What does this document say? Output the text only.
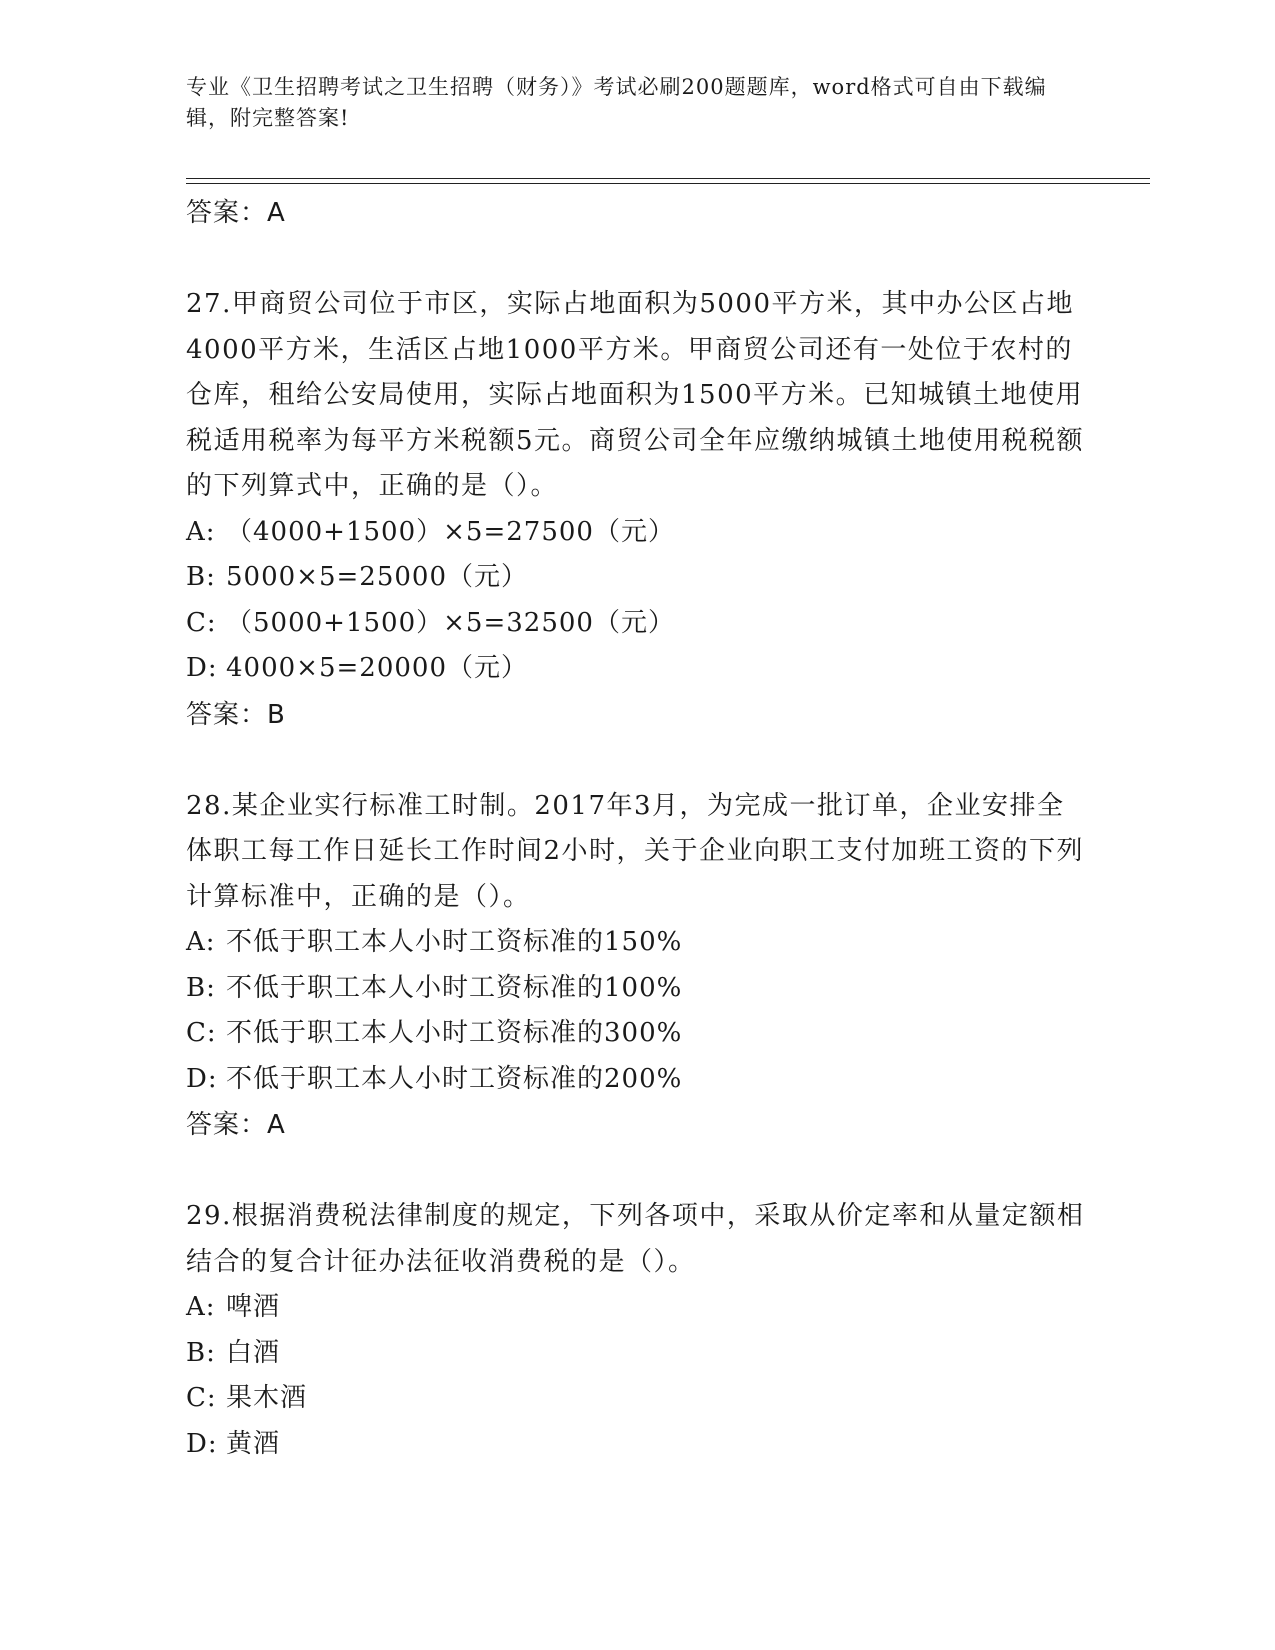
专业《卫生招聘考试之卫生招聘（财务）》考试必刷200题题库，word格式可自由下载编辑，附完整答案!
答案：A
27.甲商贸公司位于市区，实际占地面积为5000平方米，其中办公区占地4000平方米，生活区占地1000平方米。甲商贸公司还有一处位于农村的仓库，租给公安局使用，实际占地面积为1500平方米。已知城镇土地使用税适用税率为每平方米税额5元。商贸公司全年应缴纳城镇土地使用税税额的下列算式中，正确的是（）。
A: （4000+1500）×5=27500（元）
B: 5000×5=25000（元）
C: （5000+1500）×5=32500（元）
D: 4000×5=20000（元）
答案：B
28.某企业实行标准工时制。2017年3月，为完成一批订单，企业安排全体职工每工作日延长工作时间2小时，关于企业向职工支付加班工资的下列计算标准中，正确的是（）。
A: 不低于职工本人小时工资标准的150%
B: 不低于职工本人小时工资标准的100%
C: 不低于职工本人小时工资标准的300%
D: 不低于职工本人小时工资标准的200%
答案：A
29.根据消费税法律制度的规定，下列各项中，采取从价定率和从量定额相结合的复合计征办法征收消费税的是（）。
A: 啤酒
B: 白酒
C: 果木酒
D: 黄酒
